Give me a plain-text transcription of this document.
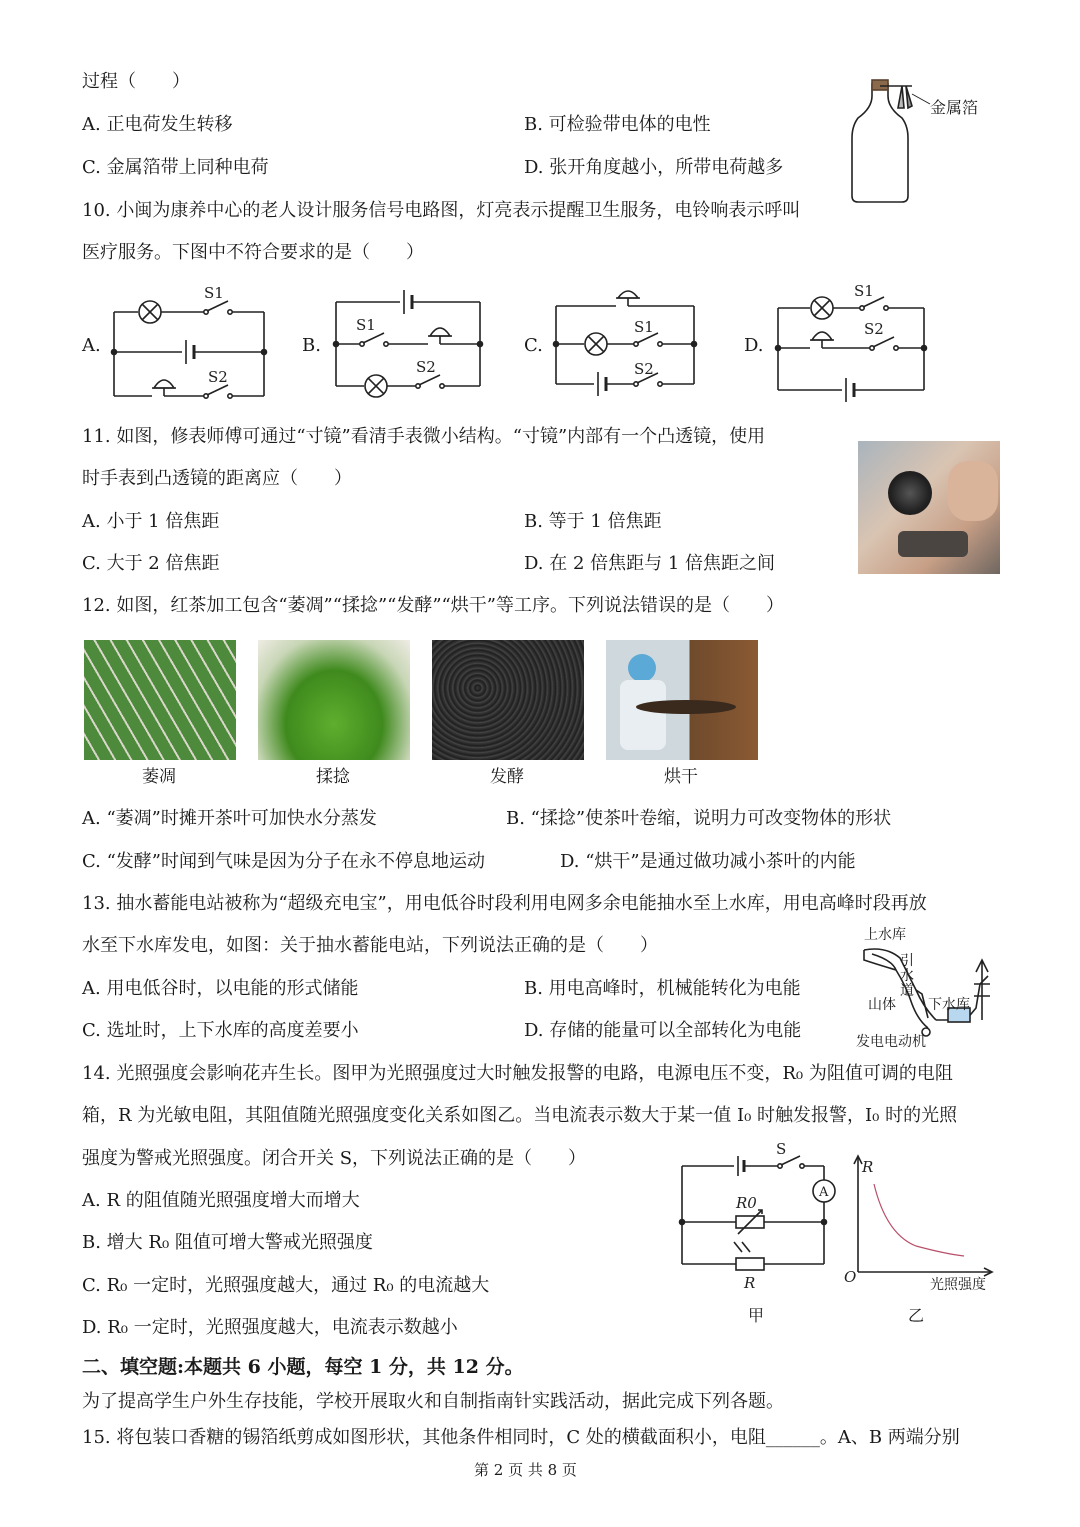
过程（　　）
A. 正电荷发生转移	B. 可检验带电体的电性
C. 金属箔带上同种电荷	D. 张开角度越小，所带电荷越多
10. 小闽为康养中心的老人设计服务信号电路图，灯亮表示提醒卫生服务，电铃响表示呼叫
医疗服务。下图中不符合要求的是（　　）
11. 如图，修表师傅可通过“寸镜”看清手表微小结构。“寸镜”内部有一个凸透镜，使用
时手表到凸透镜的距离应（　　）
A. 小于 1 倍焦距	B. 等于 1 倍焦距
C. 大于 2 倍焦距	D. 在 2 倍焦距与 1 倍焦距之间
12. 如图，红茶加工包含“萎凋”“揉捻”“发酵”“烘干”等工序。下列说法错误的是（　　）
A. “萎凋”时摊开茶叶可加快水分蒸发	B. “揉捻”使茶叶卷缩，说明力可改变物体的形状
C. “发酵”时闻到气味是因为分子在永不停息地运动	D. “烘干”是通过做功减小茶叶的内能
13. 抽水蓄能电站被称为“超级充电宝”，用电低谷时段利用电网多余电能抽水至上水库，用电高峰时段再放
水至下水库发电，如图：关于抽水蓄能电站，下列说法正确的是（　　）
A. 用电低谷时，以电能的形式储能	B. 用电高峰时，机械能转化为电能
C. 选址时，上下水库的高度差要小	D. 存储的能量可以全部转化为电能
14. 光照强度会影响花卉生长。图甲为光照强度过大时触发报警的电路，电源电压不变，R₀ 为阻值可调的电阻
箱，R 为光敏电阻，其阻值随光照强度变化关系如图乙。当电流表示数大于某一值 I₀ 时触发报警，I₀ 时的光照
强度为警戒光照强度。闭合开关 S，下列说法正确的是（　　）
A. R 的阻值随光照强度增大而增大
B. 增大 R₀ 阻值可增大警戒光照强度
C. R₀ 一定时，光照强度越大，通过 R₀ 的电流越大
D. R₀ 一定时，光照强度越大，电流表示数越小
二、填空题:本题共 6 小题，每空 1 分，共 12 分。
为了提高学生户外生存技能，学校开展取火和自制指南针实践活动，据此完成下列各题。
15. 将包装口香糖的锡箔纸剪成如图形状，其他条件相同时，C 处的横截面积小，电阻______。A、B 两端分别
第 2 页 共 8 页
金属箔
A.
S1
S2
B.
S1
S2
C.
S1
S2
D.
S1
S2
萎凋	揉捻	发酵	烘干
上水库
引水道
山体 下水库
发电电动机
S
A
R0
R
甲
R
O	光照强度
乙
